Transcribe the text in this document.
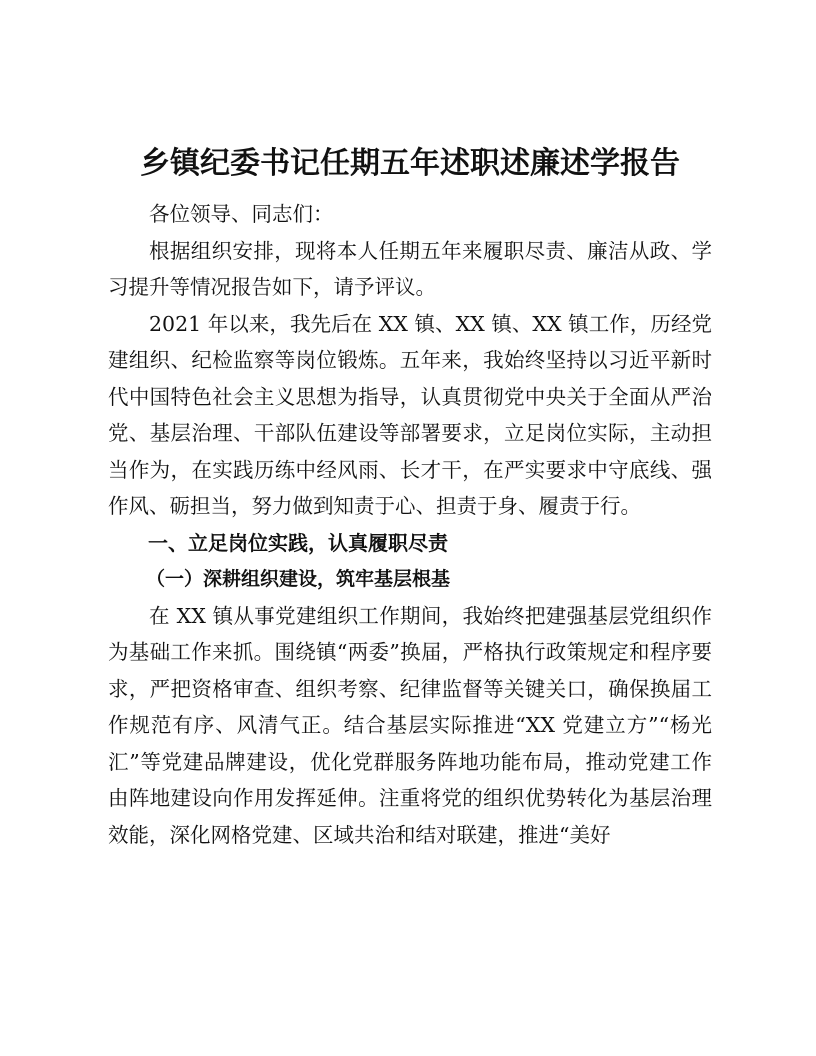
乡镇纪委书记任期五年述职述廉述学报告

各位领导、同志们：

根据组织安排，现将本人任期五年来履职尽责、廉洁从政、学习提升等情况报告如下，请予评议。

2021 年以来，我先后在 XX 镇、XX 镇、XX 镇工作，历经党建组织、纪检监察等岗位锻炼。五年来，我始终坚持以习近平新时代中国特色社会主义思想为指导，认真贯彻党中央关于全面从严治党、基层治理、干部队伍建设等部署要求，立足岗位实际，主动担当作为，在实践历练中经风雨、长才干，在严实要求中守底线、强作风、砺担当，努力做到知责于心、担责于身、履责于行。

一、立足岗位实践，认真履职尽责

（一）深耕组织建设，筑牢基层根基

在 XX 镇从事党建组织工作期间，我始终把建强基层党组织作为基础工作来抓。围绕镇“两委”换届，严格执行政策规定和程序要求，严把资格审查、组织考察、纪律监督等关键关口，确保换届工作规范有序、风清气正。结合基层实际推进“XX 党建立方”“杨光汇”等党建品牌建设，优化党群服务阵地功能布局，推动党建工作由阵地建设向作用发挥延伸。注重将党的组织优势转化为基层治理效能，深化网格党建、区域共治和结对联建，推进“美好
